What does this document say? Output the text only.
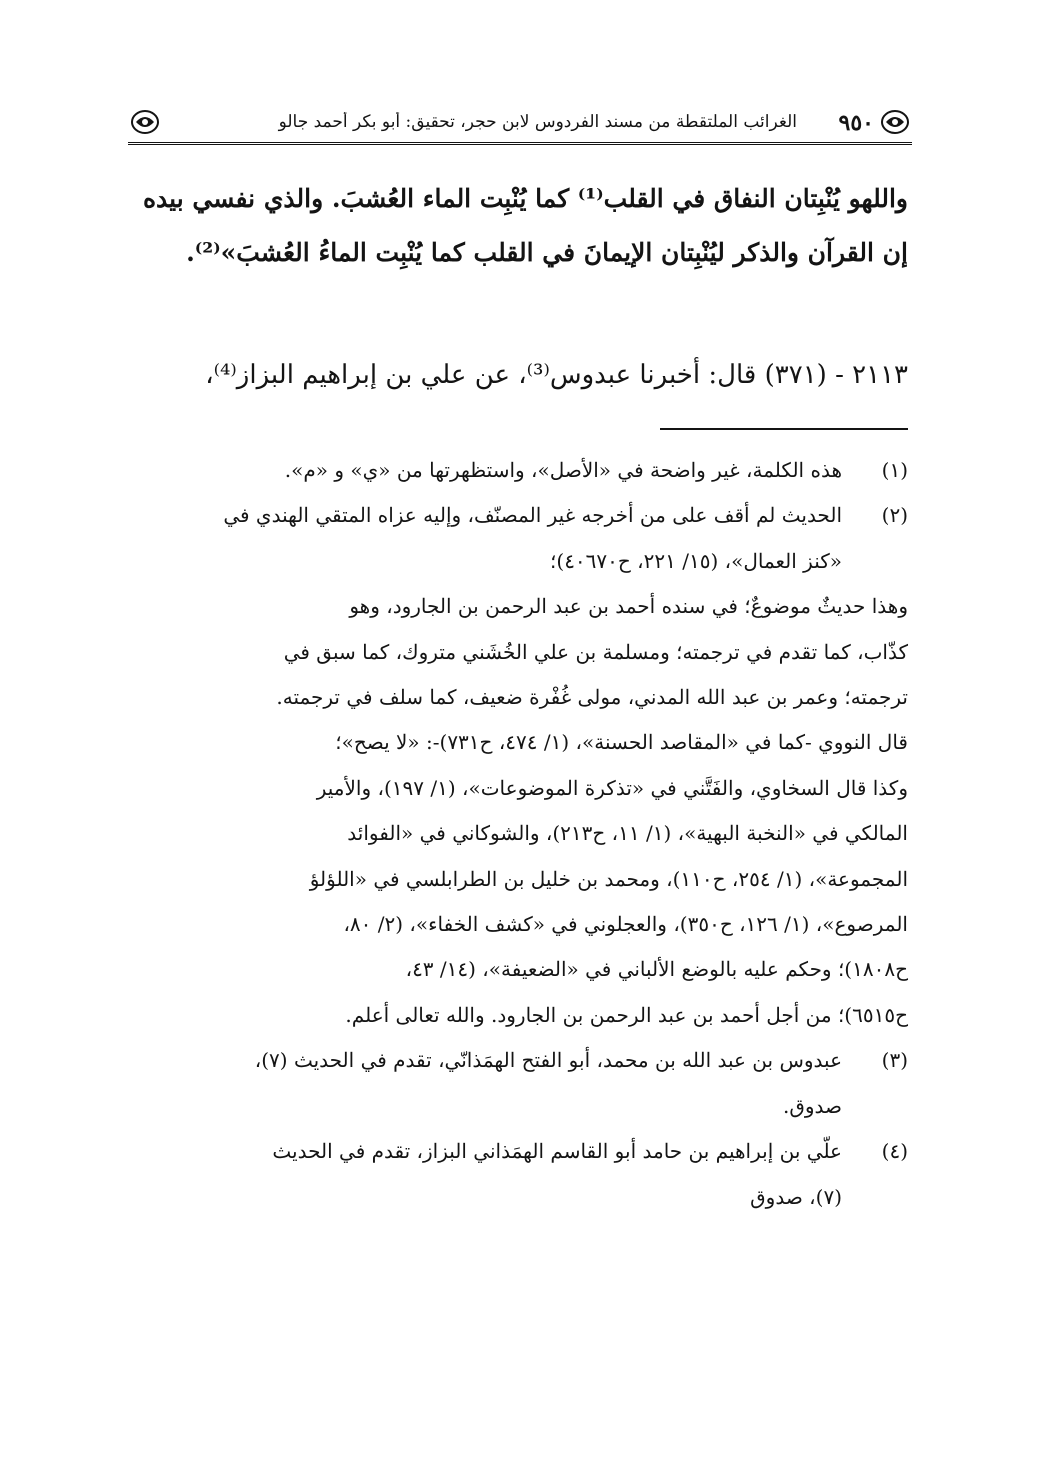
٩٥٠
الغرائب الملتقطة من مسند الفردوس لابن حجر، تحقيق: أبو بكر أحمد جالو

واللهو يُنْبِتان النفاق في القلب⁽¹⁾ كما يُنْبِت الماء العُشبَ. والذي نفسي بيده

إن القرآن والذكر ليُنْبِتان الإيمانَ في القلب كما يُنْبِت الماءُ العُشبَ»⁽²⁾.

٢١١٣ - (٣٧١) قال: أخبرنا عبدوس⁽³⁾، عن علي بن إبراهيم البزاز⁽⁴⁾،
(١)
هذه الكلمة، غير واضحة في «الأصل»، واستظهرتها من «ي» و «م».
(٢)
الحديث لم أقف على من أخرجه غير المصنّف، وإليه عزاه المتقي الهندي في
«كنز العمال»، (١٥/ ٢٢١، ح٤٠٦٧٠)؛
وهذا حديثٌ موضوعٌ؛ في سنده أحمد بن عبد الرحمن بن الجارود، وهو
كذّاب، كما تقدم في ترجمته؛ ومسلمة بن علي الخُشَني متروك، كما سبق في
ترجمته؛ وعمر بن عبد الله المدني، مولى غُفْرة ضعيف، كما سلف في ترجمته.
قال النووي -كما في «المقاصد الحسنة»، (١/ ٤٧٤، ح٧٣١)-: «لا يصح»؛
وكذا قال السخاوي، والفَتَّني في «تذكرة الموضوعات»، (١/ ١٩٧)، والأمير
المالكي في «النخبة البهية»، (١/ ١١، ح٢١٣)، والشوكاني في «الفوائد
المجموعة»، (١/ ٢٥٤، ح١١٠)، ومحمد بن خليل بن الطرابلسي في «اللؤلؤ
المرصوع»، (١/ ١٢٦، ح٣٥٠)، والعجلوني في «كشف الخفاء»، (٢/ ٨٠،
ح١٨٠٨)؛ وحكم عليه بالوضع الألباني في «الضعيفة»، (١٤/ ٤٣،
ح٦٥١٥)؛ من أجل أحمد بن عبد الرحمن بن الجارود. والله تعالى أعلم.
(٣)
عبدوس بن عبد الله بن محمد، أبو الفتح الهمَذانّي، تقدم في الحديث (٧)،
صدوق.
(٤)
علّي بن إبراهيم بن حامد أبو القاسم الهمَذاني البزاز، تقدم في الحديث
(٧)، صدوق
